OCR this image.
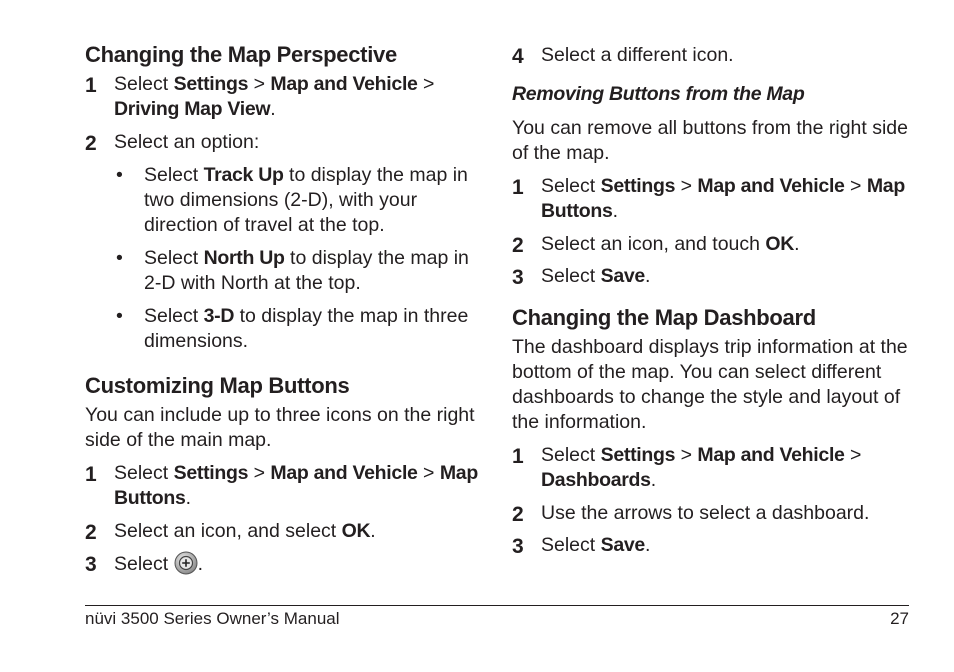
Changing the Map Perspective
1 Select Settings > Map and Vehicle > Driving Map View.
2 Select an option:
• Select Track Up to display the map in two dimensions (2-D), with your direction of travel at the top.
• Select North Up to display the map in 2-D with North at the top.
• Select 3-D to display the map in three dimensions.
Customizing Map Buttons

You can include up to three icons on the right side of the main map.

1 Select Settings > Map and Vehicle > Map Buttons.
2 Select an icon, and select OK.
3 Select .
4 Select a different icon.
Removing Buttons from the Map

You can remove all buttons from the right side of the map.

1 Select Settings > Map and Vehicle > Map Buttons.
2 Select an icon, and touch OK.
3 Select Save.
Changing the Map Dashboard

The dashboard displays trip information at the bottom of the map. You can select different dashboards to change the style and layout of the information.

1 Select Settings > Map and Vehicle > Dashboards.
2 Use the arrows to select a dashboard.
3 Select Save.
nüvi 3500 Series Owner’s Manual	27
